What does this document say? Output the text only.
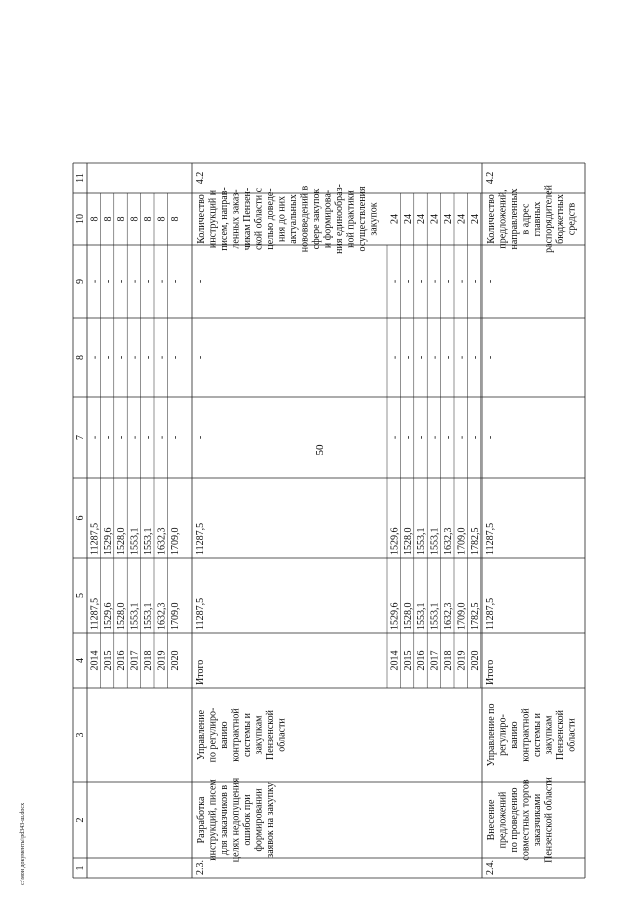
50
c:\мои документы\pd343-ш.docx	1
2
3
4
5
6
7
8
9
10
11
2014
11287,5
11287,5
-
-
-
8
2015
1529,6
1529,6
-
-
-
8
2016
1528,0
1528,0
-
-
-
8
2017
1553,1
1553,1
-
-
-
8
2018
1553,1
1553,1
-
-
-
8
2019
1632,3
1632,3
-
-
-
8
2020
1709,0
1709,0
-
-
-
8
2.3.
Разработка инструкций, писем для заказчиков в целях недопущения ошибок при формировании заявок на закупку
Управление по регулиро- ванию контрактной системы и закупкам Пензенской области
Итого
11287,5
11287,5
-
-
-
Количество инструкций и писем, направ- ленных заказ- чикам Пензен- ской области с целью доведе- ния до них актуальных нововведений в сфере закупок и формирова- ния единообраз- ной практики осуществления закупок
4.2
2014
1529,6
1529,6
-
-
-
24
2015
1528,0
1528,0
-
-
-
24
2016
1553,1
1553,1
-
-
-
24
2017
1553,1
1553,1
-
-
-
24
2018
1632,3
1632,3
-
-
-
24
2019
1709,0
1709,0
-
-
-
24
2020
1782,5
1782,5
-
-
-
24
2.4.
Внесение предложений по проведению совместных торгов заказчиками Пензенской области
Управление по регулиро- ванию контрактной системы и закупкам Пензенской области
Итого
11287,5
11287,5
-
-
-
Количество предложений, направленных в адрес главных распорядителей бюджетных средств
4.2
